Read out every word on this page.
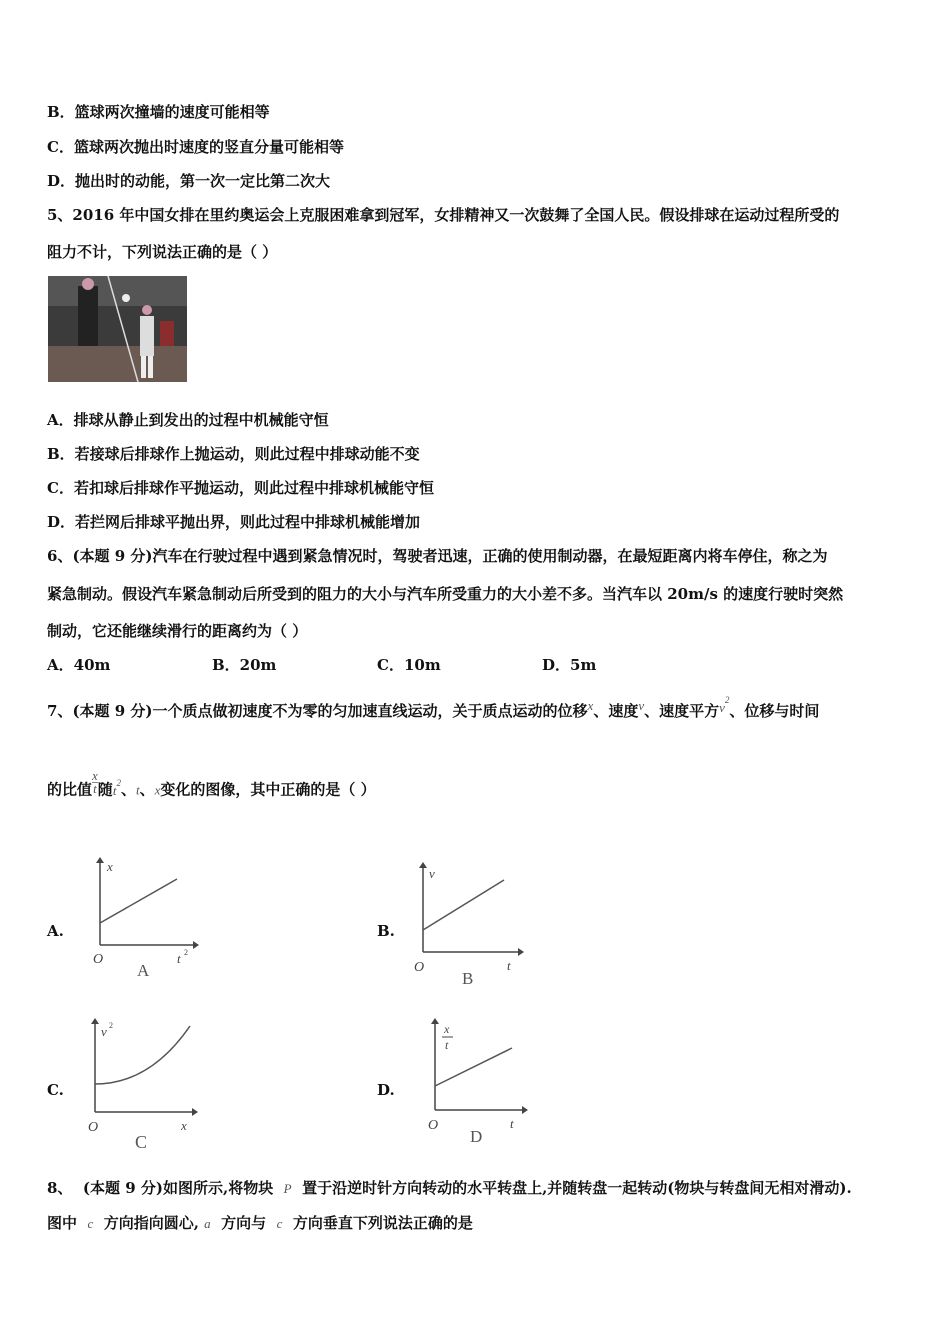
B．篮球两次撞墙的速度可能相等
C．篮球两次抛出时速度的竖直分量可能相等
D．抛出时的动能，第一次一定比第二次大
5、2016 年中国女排在里约奥运会上克服困难拿到冠军，女排精神又一次鼓舞了全国人民。假设排球在运动过程所受的
阻力不计，下列说法正确的是（ ）
A．排球从静止到发出的过程中机械能守恒
B．若接球后排球作上抛运动，则此过程中排球动能不变
C．若扣球后排球作平抛运动，则此过程中排球机械能守恒
D．若拦网后排球平抛出界，则此过程中排球机械能增加
6、(本题 9 分)汽车在行驶过程中遇到紧急情况时，驾驶者迅速，正确的使用制动器，在最短距离内将车停住，称之为
紧急制动。假设汽车紧急制动后所受到的阻力的大小与汽车所受重力的大小差不多。当汽车以 20m/s 的速度行驶时突然
制动，它还能继续滑行的距离约为（ ）
A．40m	B．20m	C．10m	D．5m
7、(本题 9 分)一个质点做初速度不为零的匀加速直线运动，关于质点运动的位移x、速度v、速度平方$v^2$、位移与时间
的比值 $\frac{x}{t}$ 随$t^2$、t、x变化的图像，其中正确的是（ ）
A.	B.
C.	D.
x
t 2
O
A
v
t
O
B
v 2
x
O
C
x
t
t
O
D
8、 (本题 9 分)如图所示,将物块 P 置于沿逆时针方向转动的水平转盘上,并随转盘一起转动(物块与转盘间无相对滑动).
图中 c 方向指向圆心, a 方向与 c 方向垂直下列说法正确的是
